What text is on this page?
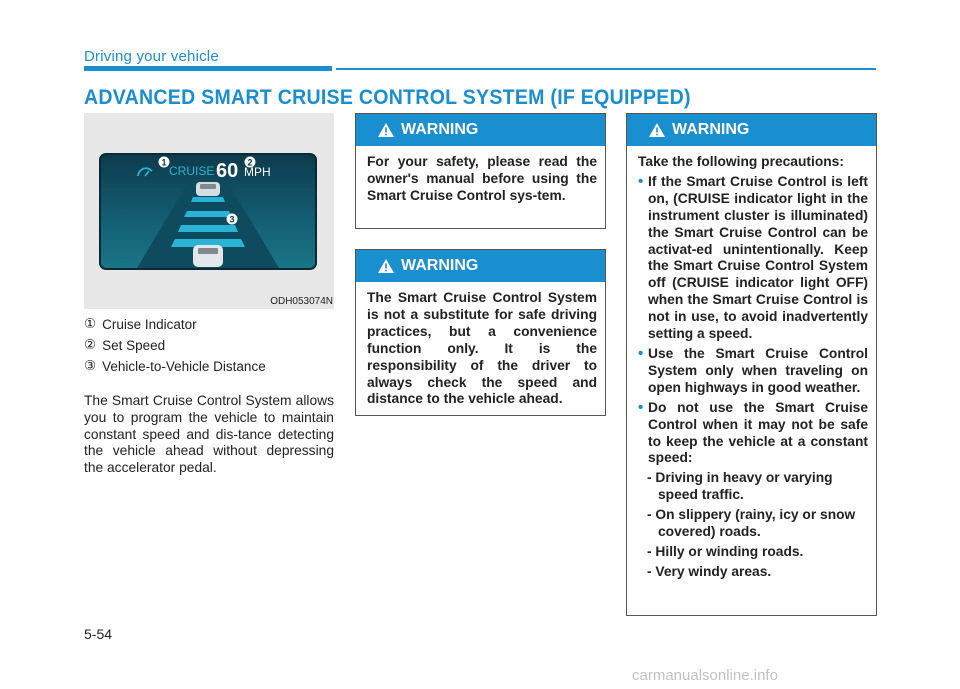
Driving your vehicle
ADVANCED SMART CRUISE CONTROL SYSTEM (IF EQUIPPED)
1	2
3
CRUISE 60 MPH
ODH053074N
① Cruise Indicator
② Set Speed
③ Vehicle-to-Vehicle Distance

The Smart Cruise Control System allows you to program the vehicle to maintain constant speed and dis-tance detecting the vehicle ahead without depressing the accelerator pedal.

WARNING
For your safety, please read the owner's manual before using the Smart Cruise Control sys-tem.
WARNING
The Smart Cruise Control System is not a substitute for safe driving practices, but a convenience function only. It is the responsibility of the driver to always check the speed and distance to the vehicle ahead.
WARNING

Take the following precautions:

• If the Smart Cruise Control is left on, (CRUISE indicator light in the instrument cluster is illuminated) the Smart Cruise Control can be activat-ed unintentionally. Keep the Smart Cruise Control System off (CRUISE indicator light OFF) when the Smart Cruise Control is not in use, to avoid inadvertently setting a speed.
• Use the Smart Cruise Control System only when traveling on open highways in good weather.
• Do not use the Smart Cruise Control when it may not be safe to keep the vehicle at a constant speed:
- Driving in heavy or varying speed traffic.
- On slippery (rainy, icy or snow covered) roads.
- Hilly or winding roads.
- Very windy areas.
5-54
carmanualsonline.info
